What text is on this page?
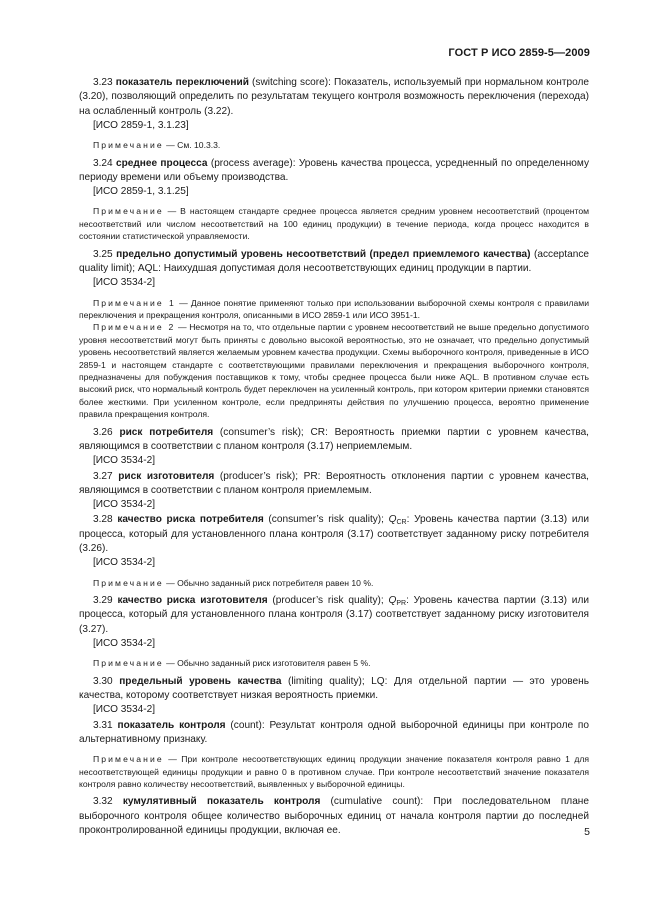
ГОСТ Р ИСО 2859-5—2009

3.23 показатель переключений (switching score): Показатель, используемый при нормальном контроле (3.20), позволяющий определить по результатам текущего контроля возможность переключения (перехода) на ослабленный контроль (3.22).

[ИСО 2859-1, 3.1.23]

Примечание — См. 10.3.3.

3.24 среднее процесса (process average): Уровень качества процесса, усредненный по определенному периоду времени или объему производства.

[ИСО 2859-1, 3.1.25]

Примечание — В настоящем стандарте среднее процесса является средним уровнем несоответствий (процентом несоответствий или числом несоответствий на 100 единиц продукции) в течение периода, когда процесс находится в состоянии статистической управляемости.

3.25 предельно допустимый уровень несоответствий (предел приемлемого качества) (acceptance quality limit); AQL: Наихудшая допустимая доля несоответствующих единиц продукции в партии.

[ИСО 3534-2]

Примечание 1 — Данное понятие применяют только при использовании выборочной схемы контроля с правилами переключения и прекращения контроля, описанными в ИСО 2859-1 или ИСО 3951-1.

Примечание 2 — Несмотря на то, что отдельные партии с уровнем несоответствий не выше предельно допустимого уровня несоответствий могут быть приняты с довольно высокой вероятностью, это не означает, что предельно допустимый уровень несоответствий является желаемым уровнем качества продукции. Схемы выборочного контроля, приведенные в ИСО 2859-1 и настоящем стандарте с соответствующими правилами переключения и прекращения выборочного контроля, предназначены для побуждения поставщиков к тому, чтобы среднее процесса были ниже AQL. В противном случае есть высокий риск, что нормальный контроль будет переключен на усиленный контроль, при котором критерии приемки становятся более жесткими. При усиленном контроле, если предприняты действия по улучшению процесса, вероятно применение правила прекращения контроля.

3.26 риск потребителя (consumer’s risk); CR: Вероятность приемки партии с уровнем качества, являющимся в соответствии с планом контроля (3.17) неприемлемым.

[ИСО 3534-2]

3.27 риск изготовителя (producer’s risk); PR: Вероятность отклонения партии с уровнем качества, являющимся в соответствии с планом контроля приемлемым.

[ИСО 3534-2]

3.28 качество риска потребителя (consumer’s risk quality); $Q_{CR}$: Уровень качества партии (3.13) или процесса, который для установленного плана контроля (3.17) соответствует заданному риску потребителя (3.26).

[ИСО 3534-2]

Примечание — Обычно заданный риск потребителя равен 10 %.

3.29 качество риска изготовителя (producer’s risk quality); $Q_{PR}$: Уровень качества партии (3.13) или процесса, который для установленного плана контроля (3.17) соответствует заданному риску изготовителя (3.27).

[ИСО 3534-2]

Примечание — Обычно заданный риск изготовителя равен 5 %.

3.30 предельный уровень качества (limiting quality); LQ: Для отдельной партии — это уровень качества, которому соответствует низкая вероятность приемки.

[ИСО 3534-2]

3.31 показатель контроля (count): Результат контроля одной выборочной единицы при контроле по альтернативному признаку.

Примечание — При контроле несоответствующих единиц продукции значение показателя контроля равно 1 для несоответствующей единицы продукции и равно 0 в противном случае. При контроле несоответствий значение показателя контроля равно количеству несоответствий, выявленных у выборочной единицы.

3.32 кумулятивный показатель контроля (cumulative count): При последовательном плане выборочного контроля общее количество выборочных единиц от начала контроля партии до последней проконтролированной единицы продукции, включая ее.	5
